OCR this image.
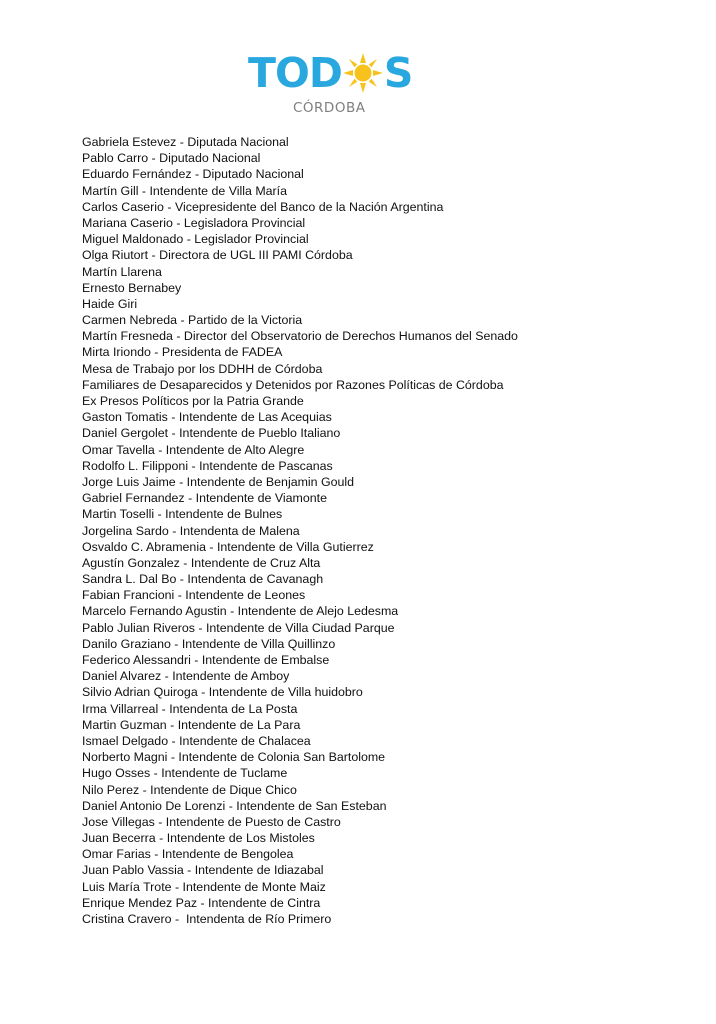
TOD S
CÓRDOBA
Gabriela Estevez - Diputada Nacional
Pablo Carro - Diputado Nacional
Eduardo Fernández - Diputado Nacional
Martín Gill - Intendente de Villa María
Carlos Caserio - Vicepresidente del Banco de la Nación Argentina
Mariana Caserio - Legisladora Provincial
Miguel Maldonado - Legislador Provincial
Olga Riutort - Directora de UGL III PAMI Córdoba
Martín Llarena
Ernesto Bernabey
Haide Giri
Carmen Nebreda - Partido de la Victoria
Martín Fresneda - Director del Observatorio de Derechos Humanos del Senado
Mirta Iriondo - Presidenta de FADEA
Mesa de Trabajo por los DDHH de Córdoba
Familiares de Desaparecidos y Detenidos por Razones Políticas de Córdoba
Ex Presos Políticos por la Patria Grande
Gaston Tomatis - Intendente de Las Acequias
Daniel Gergolet - Intendente de Pueblo Italiano
Omar Tavella - Intendente de Alto Alegre
Rodolfo L. Filipponi - Intendente de Pascanas
Jorge Luis Jaime - Intendente de Benjamin Gould
Gabriel Fernandez - Intendente de Viamonte
Martin Toselli - Intendente de Bulnes
Jorgelina Sardo - Intendenta de Malena
Osvaldo C. Abramenia - Intendente de Villa Gutierrez
Agustín Gonzalez - Intendente de Cruz Alta
Sandra L. Dal Bo - Intendenta de Cavanagh
Fabian Francioni - Intendente de Leones
Marcelo Fernando Agustin - Intendente de Alejo Ledesma
Pablo Julian Riveros - Intendente de Villa Ciudad Parque
Danilo Graziano - Intendente de Villa Quillinzo
Federico Alessandri - Intendente de Embalse
Daniel Alvarez - Intendente de Amboy
Silvio Adrian Quiroga - Intendente de Villa huidobro
Irma Villarreal - Intendenta de La Posta
Martin Guzman - Intendente de La Para
Ismael Delgado - Intendente de Chalacea
Norberto Magni - Intendente de Colonia San Bartolome
Hugo Osses - Intendente de Tuclame
Nilo Perez - Intendente de Dique Chico
Daniel Antonio De Lorenzi - Intendente de San Esteban
Jose Villegas - Intendente de Puesto de Castro
Juan Becerra - Intendente de Los Mistoles
Omar Farias - Intendente de Bengolea
Juan Pablo Vassia - Intendente de Idiazabal
Luis María Trote - Intendente de Monte Maiz
Enrique Mendez Paz - Intendente de Cintra
Cristina Cravero -  Intendenta de Río Primero
